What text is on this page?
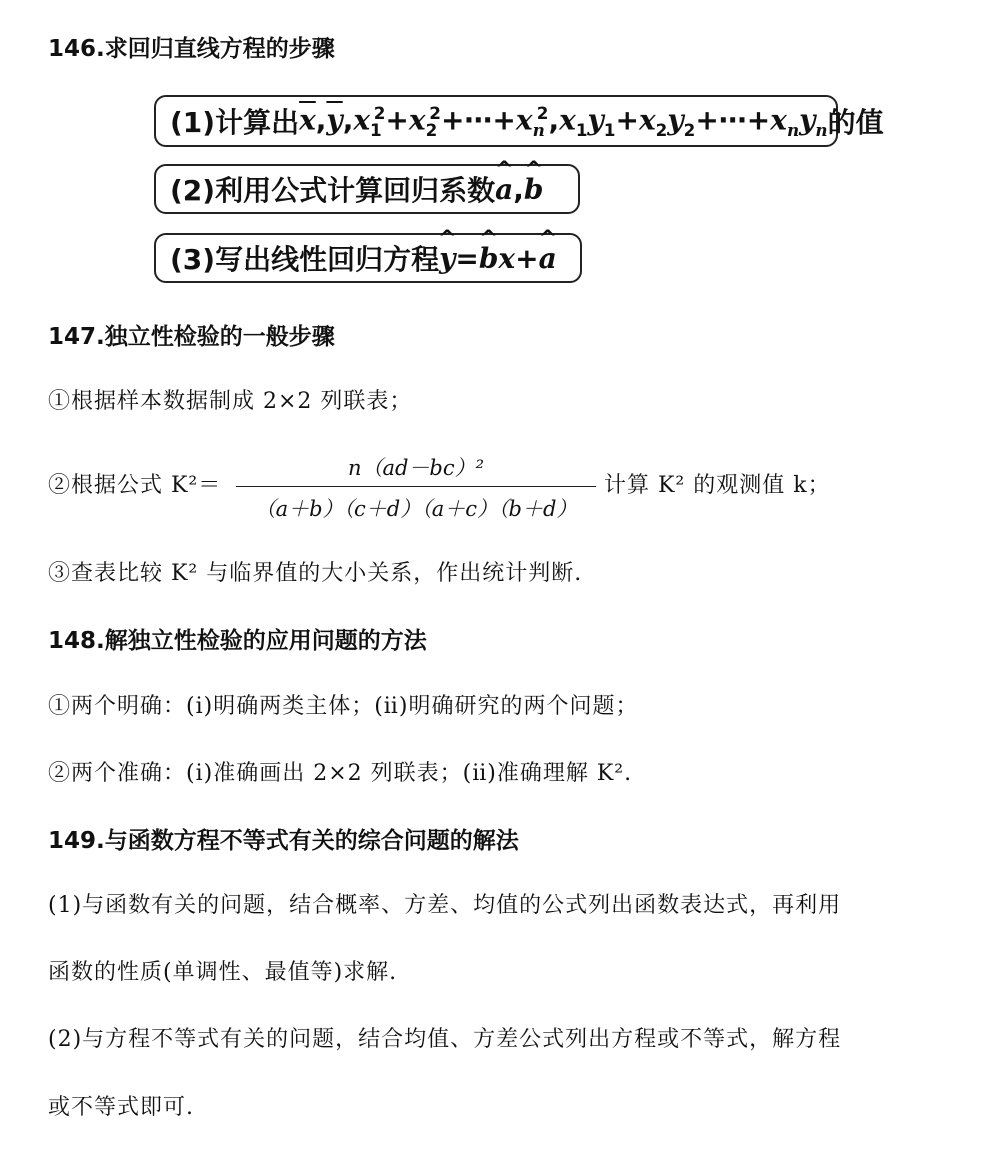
146.求回归直线方程的步骤
(1)计算出 $\overline{x},\overline{y},x_1^2+x_2^2+\cdots+x_n^2,x_1y_1+x_2y_2+\cdots+x_ny_n$ 的值
(2)利用公式计算回归系数 ^ a,^ b
(3)写出线性回归方程 ^ y=^ bx+^ a
147.独立性检验的一般步骤
①根据样本数据制成 2×2 列联表；
②根据公式 $K^2= \frac{\text{n（ad－bc）²}}{(a+b)(c+d)(a+c)(b+d)}$ 计算 K² 的观测值 k；
③查表比较 K² 与临界值的大小关系，作出统计判断.
148.解独立性检验的应用问题的方法
①两个明确：(ⅰ)明确两类主体；(ⅱ)明确研究的两个问题；
②两个准确：(ⅰ)准确画出 2×2 列联表；(ⅱ)准确理解 K².
149.与函数方程不等式有关的综合问题的解法
(1)与函数有关的问题，结合概率、方差、均值的公式列出函数表达式，再利用
函数的性质(单调性、最值等)求解.
(2)与方程不等式有关的问题，结合均值、方差公式列出方程或不等式，解方程
或不等式即可.
